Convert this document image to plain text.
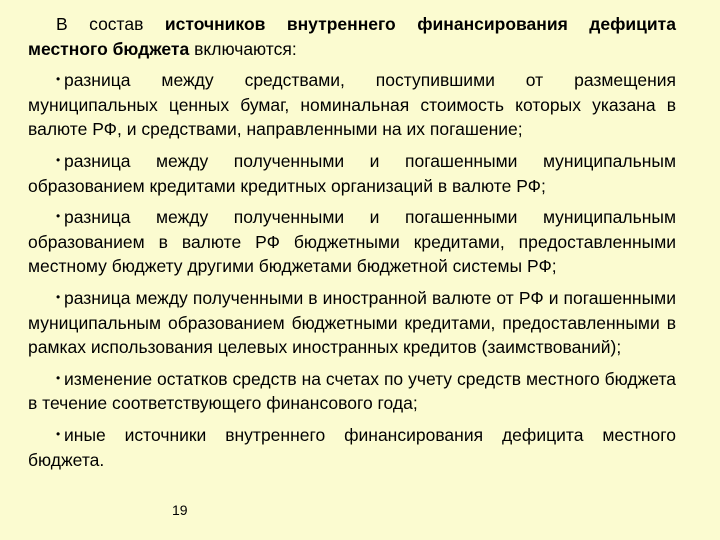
В состав источников внутреннего финансирования дефицита местного бюджета включаются:

• разница между средствами, поступившими от размещения муниципальных ценных бумаг, номинальная стоимость которых указана в валюте РФ, и средствами, направленными на их погашение;

• разница между полученными и погашенными муниципальным образованием кредитами кредитных организаций в валюте РФ;

• разница между полученными и погашенными муниципальным образованием в валюте РФ бюджетными кредитами, предоставленными местному бюджету другими бюджетами бюджетной системы РФ;

• разница между полученными в иностранной валюте от РФ и погашенными муниципальным образованием бюджетными кредитами, предоставленными в рамках использования целевых иностранных кредитов (заимствований);

• изменение остатков средств на счетах по учету средств местного бюджета в течение соответствующего финансового года;

• иные источники внутреннего финансирования дефицита местного бюджета.

19
